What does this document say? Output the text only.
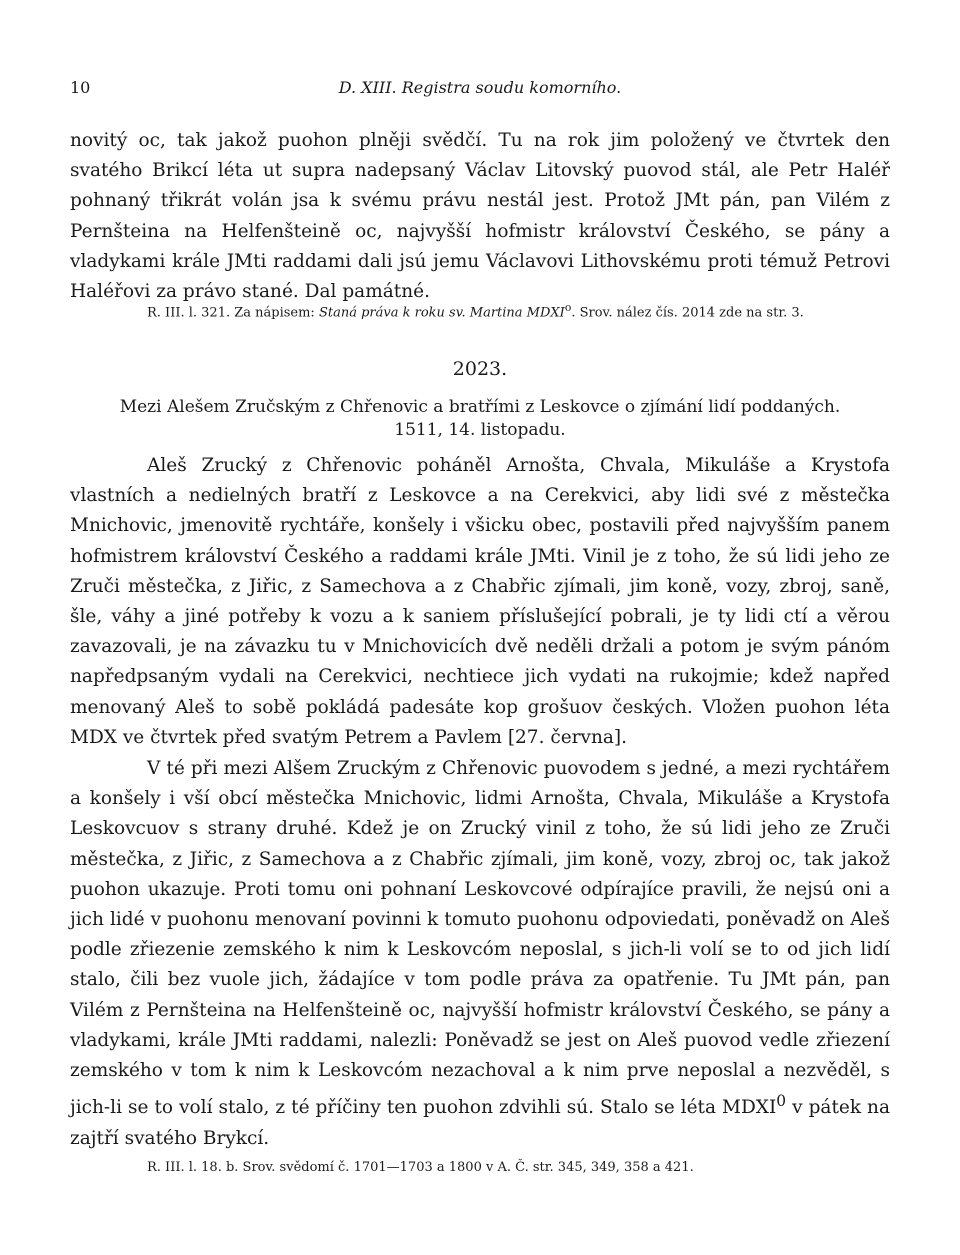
10	D. XIII. Registra soudu komorního.

novitý oc, tak jakož puohon plněji svědčí. Tu na rok jim položený ve čtvrtek den svatého Brikcí léta ut supra nadepsaný Václav Litovský puovod stál, ale Petr Haléř pohnaný třikrát volán jsa k svému právu nestál jest. Protož JMt pán, pan Vilém z Pernšteina na Helfenšteině oc, najvyšší hofmistr království Českého, se pány a vladykami krále JMti raddami dali jsú jemu Václavovi Lithovskému proti témuž Petrovi Haléřovi za právo stané. Dal památné.

R. III. l. 321. Za nápisem: Staná práva k roku sv. Martina MDXI$^o$. Srov. nález čís. 2014 zde na str. 3.
2023.
Mezi Alešem Zručským z Chřenovic a bratřími z Leskovce o zjímání lidí poddaných.
1511, 14. listopadu.

Aleš Zrucký z Chřenovic poháněl Arnošta, Chvala, Mikuláše a Krystofa vlastních a nedielných bratří z Leskovce a na Cerekvici, aby lidi své z městečka Mnichovic, jmenovitě rychtáře, konšely i všicku obec, postavili před najvyšším panem hofmistrem království Českého a raddami krále JMti. Vinil je z toho, že sú lidi jeho ze Zruči městečka, z Jiřic, z Samechova a z Chabřic zjímali, jim koně, vozy, zbroj, saně, šle, váhy a jiné potřeby k vozu a k saniem příslušející pobrali, je ty lidi ctí a věrou zavazovali, je na závazku tu v Mnichovicích dvě neděli držali a potom je svým pánóm napředpsaným vydali na Cerekvici, nechtiece jich vydati na rukojmie; kdež napřed menovaný Aleš to sobě pokládá padesáte kop grošuov českých. Vložen puohon léta MDX ve čtvrtek před svatým Petrem a Pavlem [27. června].

V té při mezi Alšem Zruckým z Chřenovic puovodem s jedné, a mezi rychtářem a konšely i vší obcí městečka Mnichovic, lidmi Arnošta, Chvala, Mikuláše a Krystofa Leskovcuov s strany druhé. Kdež je on Zrucký vinil z toho, že sú lidi jeho ze Zruči městečka, z Jiřic, z Samechova a z Chabřic zjímali, jim koně, vozy, zbroj oc, tak jakož puohon ukazuje. Proti tomu oni pohnaní Leskovcové odpírajíce pravili, že nejsú oni a jich lidé v puohonu menovaní povinni k tomuto puohonu odpoviedati, poněvadž on Aleš podle zřiezenie zemského k nim k Leskovcóm neposlal, s jich-li volí se to od jich lidí stalo, čili bez vuole jich, žádajíce v tom podle práva za opatřenie. Tu JMt pán, pan Vilém z Pernšteina na Helfenšteině oc, najvyšší hofmistr království Českého, se pány a vladykami, krále JMti raddami, nalezli: Poněvadž se jest on Aleš puovod vedle zřiezení zemského v tom k nim k Leskovcóm nezachoval a k nim prve neposlal a nezvěděl, s jich-li se to volí stalo, z té příčiny ten puohon zdvihli sú. Stalo se léta MDXI$^0$ v pátek na zajtří svatého Brykcí.

R. III. l. 18. b. Srov. svědomí č. 1701—1703 a 1800 v A. Č. str. 345, 349, 358 a 421.
